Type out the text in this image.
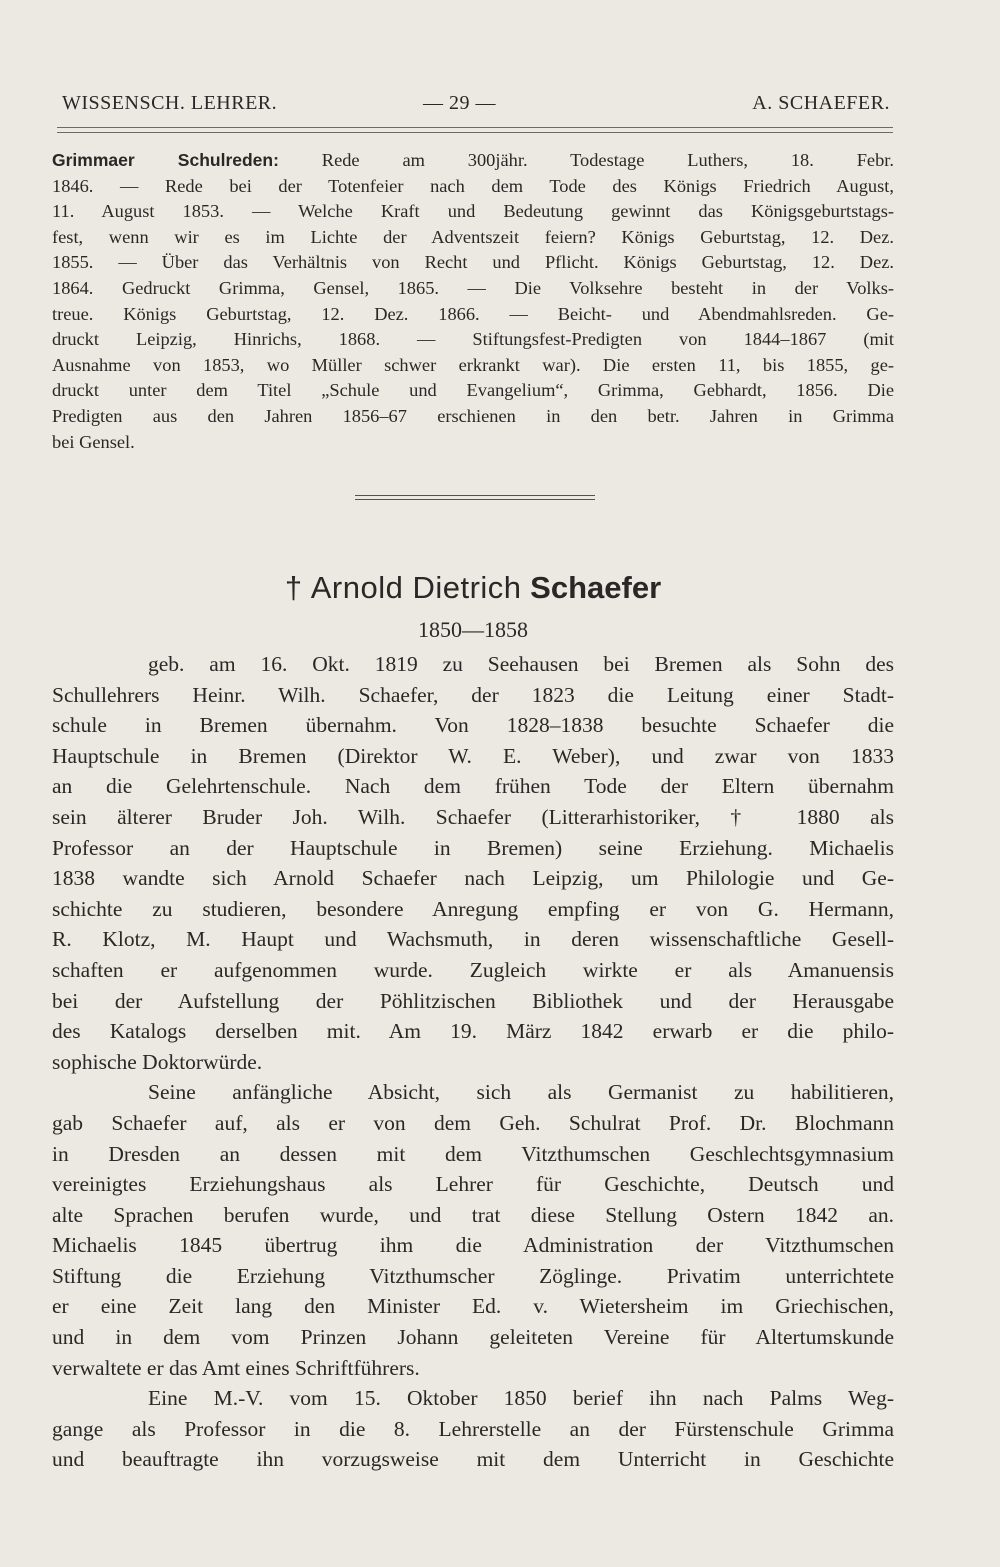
WISSENSCH. LEHRER.	— 29 —	A. SCHAEFER.
Grimmaer Schulreden: Rede am 300jähr. Todestage Luthers, 18. Febr.
1846. — Rede bei der Totenfeier nach dem Tode des Königs Friedrich August,
11. August 1853. — Welche Kraft und Bedeutung gewinnt das Königsgeburtstags-
fest, wenn wir es im Lichte der Adventszeit feiern? Königs Geburtstag, 12. Dez.
1855. — Über das Verhältnis von Recht und Pflicht. Königs Geburtstag, 12. Dez.
1864. Gedruckt Grimma, Gensel, 1865. — Die Volksehre besteht in der Volks-
treue. Königs Geburtstag, 12. Dez. 1866. — Beicht- und Abendmahlsreden. Ge-
druckt Leipzig, Hinrichs, 1868. — Stiftungsfest-Predigten von 1844–1867 (mit
Ausnahme von 1853, wo Müller schwer erkrankt war). Die ersten 11, bis 1855, ge-
druckt unter dem Titel „Schule und Evangelium“, Grimma, Gebhardt, 1856. Die
Predigten aus den Jahren 1856–67 erschienen in den betr. Jahren in Grimma
bei Gensel.
† Arnold Dietrich Schaefer
1850—1858
geb. am 16. Okt. 1819 zu Seehausen bei Bremen als Sohn des
Schullehrers Heinr. Wilh. Schaefer, der 1823 die Leitung einer Stadt-
schule in Bremen übernahm. Von 1828–1838 besuchte Schaefer die
Hauptschule in Bremen (Direktor W. E. Weber), und zwar von 1833
an die Gelehrtenschule. Nach dem frühen Tode der Eltern übernahm
sein älterer Bruder Joh. Wilh. Schaefer (Litterarhistoriker, † 1880 als
Professor an der Hauptschule in Bremen) seine Erziehung. Michaelis
1838 wandte sich Arnold Schaefer nach Leipzig, um Philologie und Ge-
schichte zu studieren, besondere Anregung empfing er von G. Hermann,
R. Klotz, M. Haupt und Wachsmuth, in deren wissenschaftliche Gesell-
schaften er aufgenommen wurde. Zugleich wirkte er als Amanuensis
bei der Aufstellung der Pöhlitzischen Bibliothek und der Herausgabe
des Katalogs derselben mit. Am 19. März 1842 erwarb er die philo-
sophische Doktorwürde.
Seine anfängliche Absicht, sich als Germanist zu habilitieren,
gab Schaefer auf, als er von dem Geh. Schulrat Prof. Dr. Blochmann
in Dresden an dessen mit dem Vitzthumschen Geschlechtsgymnasium
vereinigtes Erziehungshaus als Lehrer für Geschichte, Deutsch und
alte Sprachen berufen wurde, und trat diese Stellung Ostern 1842 an.
Michaelis 1845 übertrug ihm die Administration der Vitzthumschen
Stiftung die Erziehung Vitzthumscher Zöglinge. Privatim unterrichtete
er eine Zeit lang den Minister Ed. v. Wietersheim im Griechischen,
und in dem vom Prinzen Johann geleiteten Vereine für Altertumskunde
verwaltete er das Amt eines Schriftführers.
Eine M.-V. vom 15. Oktober 1850 berief ihn nach Palms Weg-
gange als Professor in die 8. Lehrerstelle an der Fürstenschule Grimma
und beauftragte ihn vorzugsweise mit dem Unterricht in Geschichte
